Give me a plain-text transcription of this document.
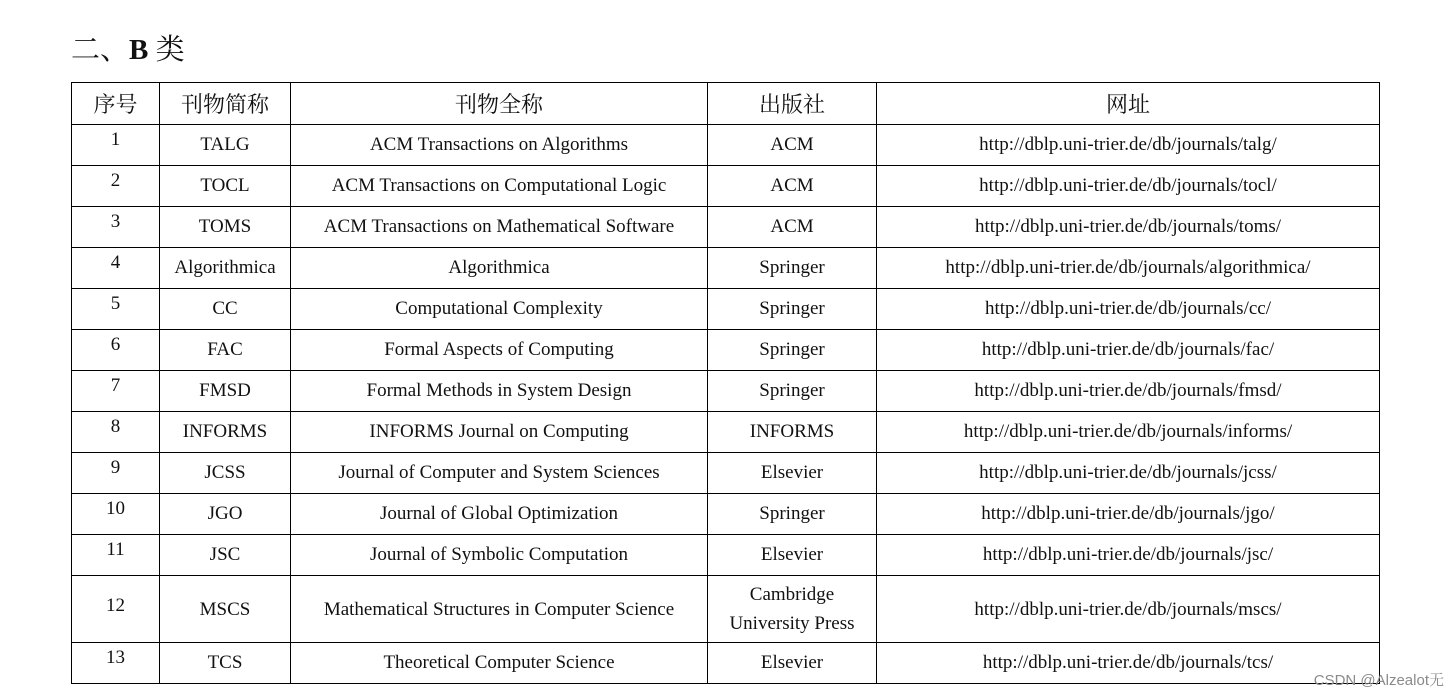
二、B 类
序号	刊物简称	刊物全称	出版社	网址
1	TALG	ACM Transactions on Algorithms	ACM	http://dblp.uni-trier.de/db/journals/talg/
2	TOCL	ACM Transactions on Computational Logic	ACM	http://dblp.uni-trier.de/db/journals/tocl/
3	TOMS	ACM Transactions on Mathematical Software	ACM	http://dblp.uni-trier.de/db/journals/toms/
4	Algorithmica	Algorithmica	Springer	http://dblp.uni-trier.de/db/journals/algorithmica/
5	CC	Computational Complexity	Springer	http://dblp.uni-trier.de/db/journals/cc/
6	FAC	Formal Aspects of Computing	Springer	http://dblp.uni-trier.de/db/journals/fac/
7	FMSD	Formal Methods in System Design	Springer	http://dblp.uni-trier.de/db/journals/fmsd/
8	INFORMS	INFORMS Journal on Computing	INFORMS	http://dblp.uni-trier.de/db/journals/informs/
9	JCSS	Journal of Computer and System Sciences	Elsevier	http://dblp.uni-trier.de/db/journals/jcss/
10	JGO	Journal of Global Optimization	Springer	http://dblp.uni-trier.de/db/journals/jgo/
11	JSC	Journal of Symbolic Computation	Elsevier	http://dblp.uni-trier.de/db/journals/jsc/
12	MSCS	Mathematical Structures in Computer Science	Cambridge
University Press	http://dblp.uni-trier.de/db/journals/mscs/
13	TCS	Theoretical Computer Science	Elsevier	http://dblp.uni-trier.de/db/journals/tcs/
CSDN @Alzealot无
